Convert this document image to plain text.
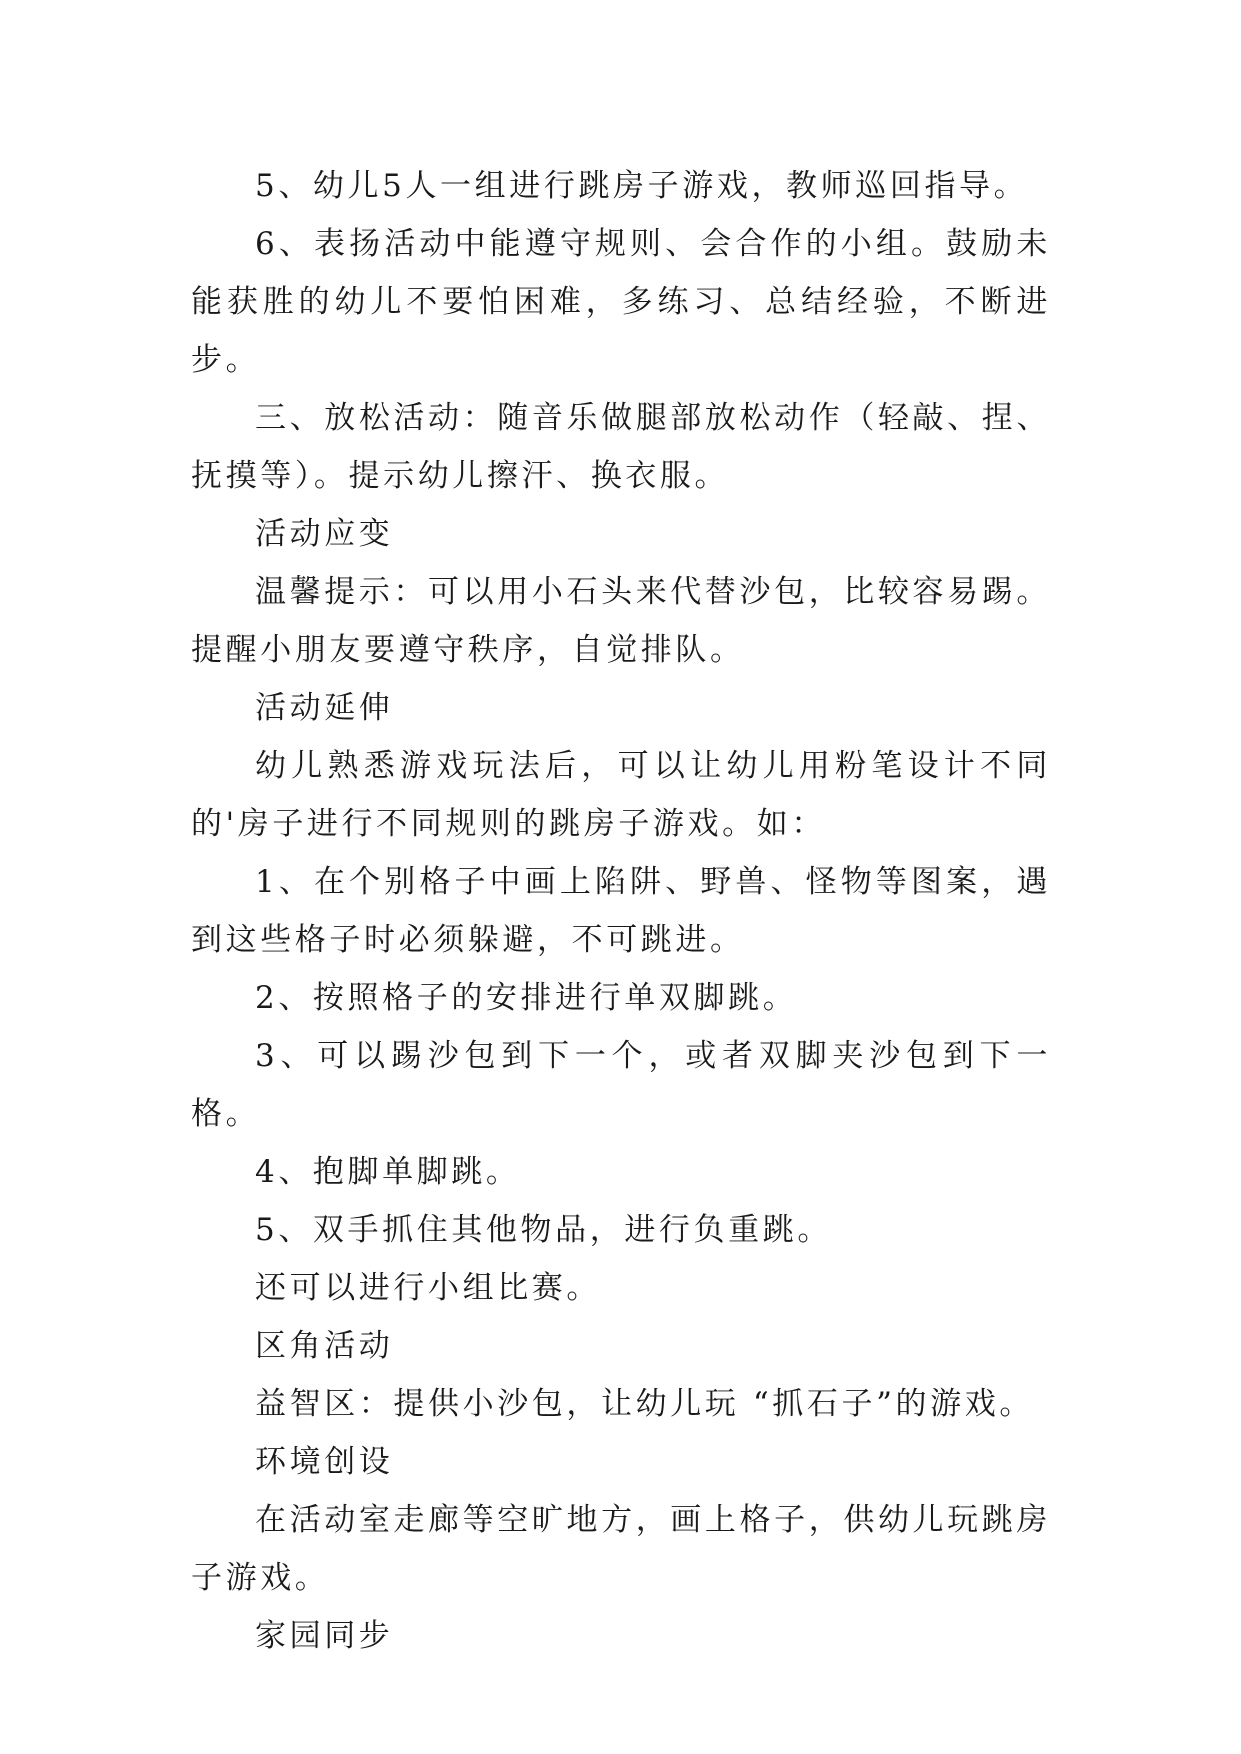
5、幼儿5人一组进行跳房子游戏，教师巡回指导。

6、表扬活动中能遵守规则、会合作的小组。鼓励未能获胜的幼儿不要怕困难，多练习、总结经验，不断进步。

三、放松活动：随音乐做腿部放松动作（轻敲、捏、抚摸等）。提示幼儿擦汗、换衣服。

活动应变

温馨提示：可以用小石头来代替沙包，比较容易踢。提醒小朋友要遵守秩序，自觉排队。

活动延伸

幼儿熟悉游戏玩法后，可以让幼儿用粉笔设计不同的'房子进行不同规则的跳房子游戏。如：

1、在个别格子中画上陷阱、野兽、怪物等图案，遇到这些格子时必须躲避，不可跳进。

2、按照格子的安排进行单双脚跳。

3、可以踢沙包到下一个，或者双脚夹沙包到下一格。

4、抱脚单脚跳。

5、双手抓住其他物品，进行负重跳。

还可以进行小组比赛。

区角活动

益智区：提供小沙包，让幼儿玩 “抓石子”的游戏。

环境创设

在活动室走廊等空旷地方，画上格子，供幼儿玩跳房子游戏。

家园同步
